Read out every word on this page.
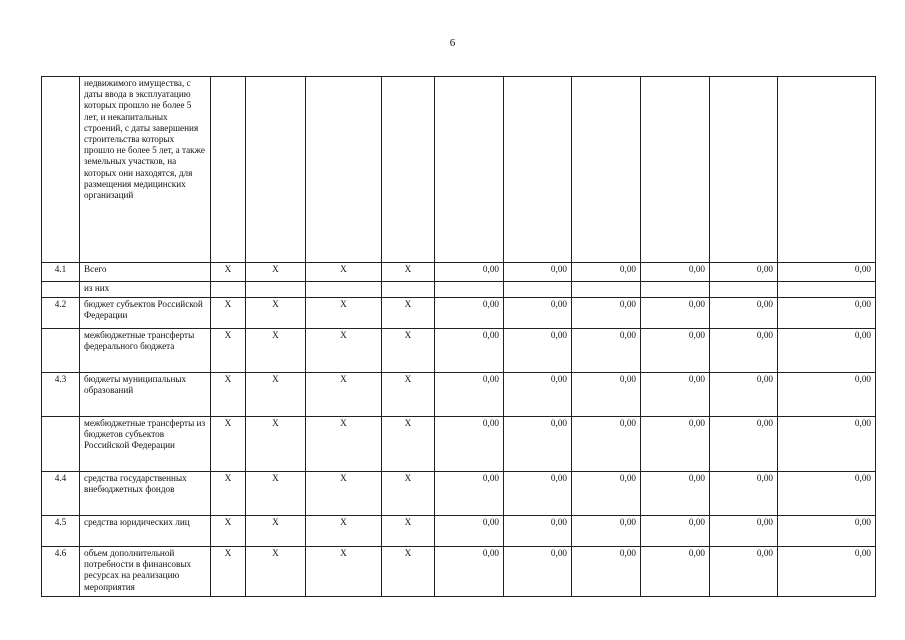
6
	недвижимого имущества, с даты ввода в эксплуатацию которых прошло не более 5 лет, и некапитальных строений, с даты завершения строительства которых прошло не более 5 лет, а также земельных участков, на которых они находятся, для размещения медицинских организаций										
4.1	Всего	X	X	X	X	0,00	0,00	0,00	0,00	0,00	0,00
	из них										
4.2	бюджет субъектов Российской Федерации	X	X	X	X	0,00	0,00	0,00	0,00	0,00	0,00
	межбюджетные трансферты федерального бюджета	X	X	X	X	0,00	0,00	0,00	0,00	0,00	0,00
4.3	бюджеты муниципальных образований	X	X	X	X	0,00	0,00	0,00	0,00	0,00	0,00
	межбюджетные трансферты из бюджетов субъектов Российской Федерации	X	X	X	X	0,00	0,00	0,00	0,00	0,00	0,00
4.4	средства государственных внебюджетных фондов	X	X	X	X	0,00	0,00	0,00	0,00	0,00	0,00
4.5	средства юридических лиц	X	X	X	X	0,00	0,00	0,00	0,00	0,00	0,00
4.6	объем дополнительной потребности в финансовых ресурсах на реализацию мероприятия	X	X	X	X	0,00	0,00	0,00	0,00	0,00	0,00
